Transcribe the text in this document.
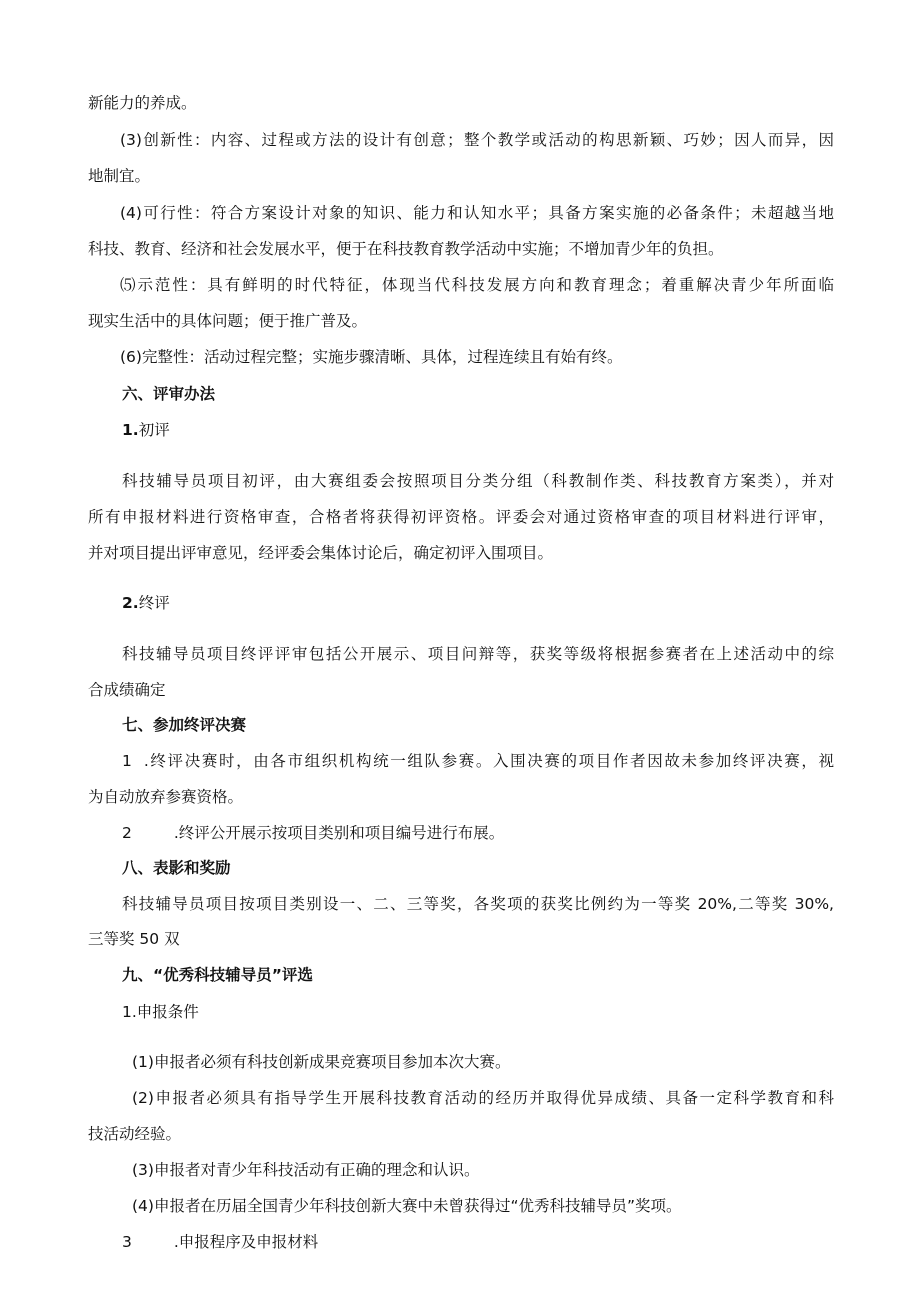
新能力的养成。
(3)创新性：内容、过程或方法的设计有创意；整个教学或活动的构思新颖、巧妙；因人而异，因
地制宜。
(4)可行性：符合方案设计对象的知识、能力和认知水平；具备方案实施的必备条件；未超越当地
科技、教育、经济和社会发展水平，便于在科技教育教学活动中实施；不增加青少年的负担。
⑸示范性：具有鲜明的时代特征，体现当代科技发展方向和教育理念；着重解决青少年所面临
现实生活中的具体问题；便于推广普及。
(6)完整性：活动过程完整；实施步骤清晰、具体，过程连续且有始有终。
六、评审办法
1.初评
科技辅导员项目初评，由大赛组委会按照项目分类分组（科教制作类、科技教育方案类），并对
所有申报材料进行资格审查，合格者将获得初评资格。评委会对通过资格审查的项目材料进行评审，
并对项目提出评审意见，经评委会集体讨论后，确定初评入围项目。
2.终评
科技辅导员项目终评评审包括公开展示、项目问辩等，获奖等级将根据参赛者在上述活动中的综
合成绩确定
七、参加终评决赛
1 .终评决赛时，由各市组织机构统一组队参赛。入围决赛的项目作者因故未参加终评决赛，视
为自动放弃参赛资格。
2	.终评公开展示按项目类别和项目编号进行布展。
八、表影和奖励
科技辅导员项目按项目类别设一、二、三等奖，各奖项的获奖比例约为一等奖 20%,二等奖 30%,
三等奖 50 双
九、“优秀科技辅导员”评选
1.申报条件
(1)申报者必须有科技创新成果竞赛项目参加本次大赛。
(2)申报者必须具有指导学生开展科技教育活动的经历并取得优异成绩、具备一定科学教育和科
技活动经验。
(3)申报者对青少年科技活动有正确的理念和认识。
(4)申报者在历届全国青少年科技创新大赛中未曾获得过“优秀科技辅导员”奖项。
3	.申报程序及申报材料
